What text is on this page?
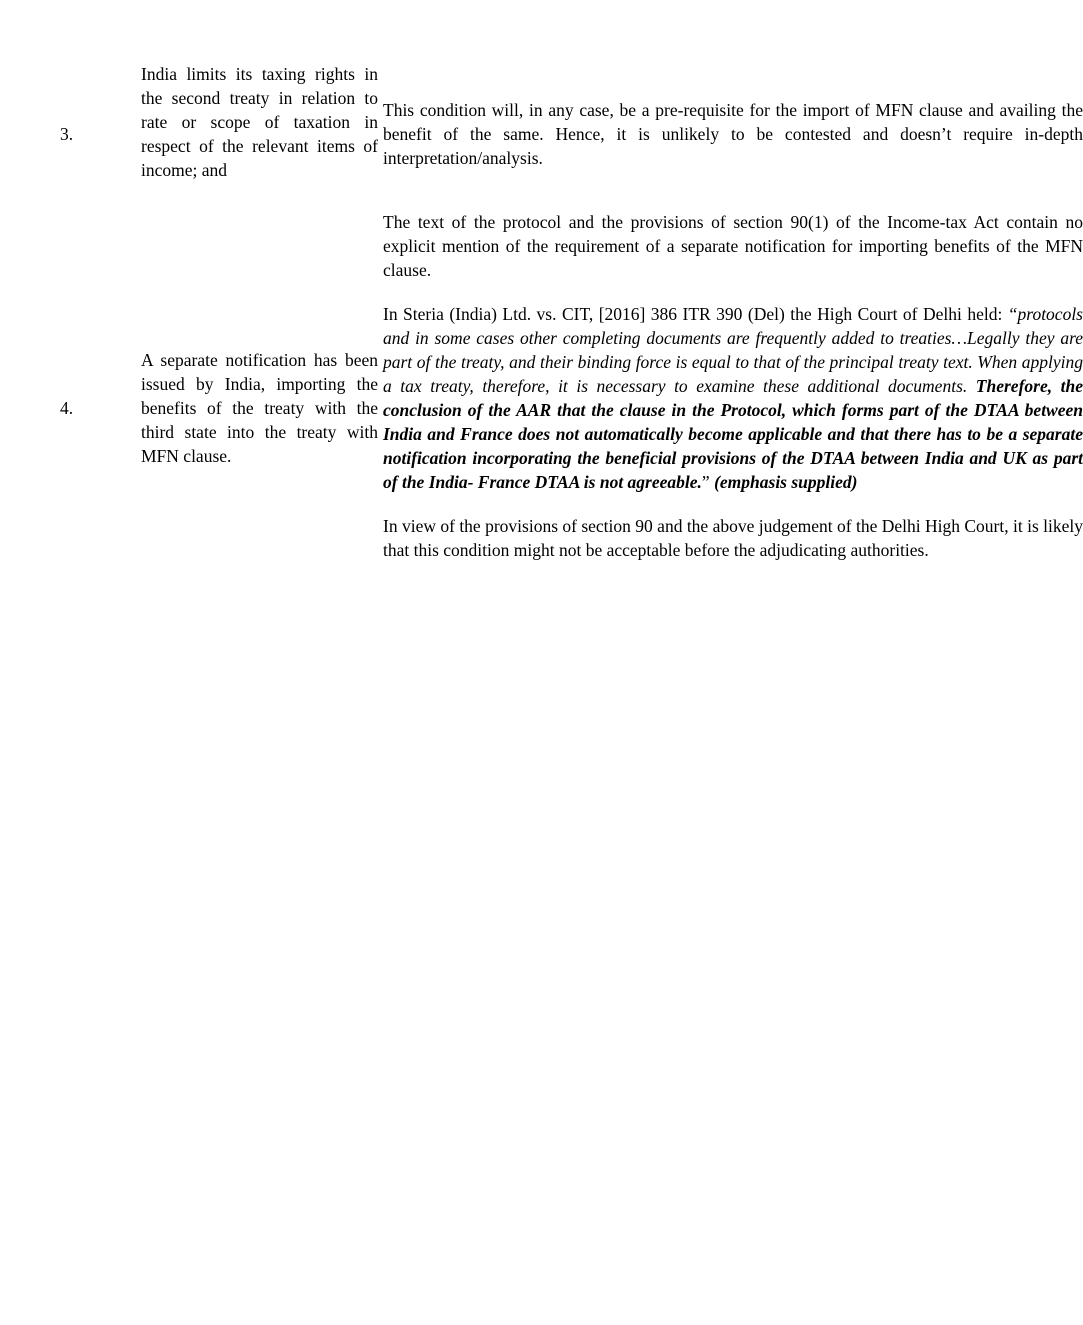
3.
India limits its taxing rights in the second treaty in relation to rate or scope of taxation in respect of the relevant items of income; and

This condition will, in any case, be a pre-requisite for the import of MFN clause and availing the benefit of the same. Hence, it is unlikely to be contested and doesn’t require in-depth interpretation/analysis.

4.
A separate notification has been issued by India, importing the benefits of the treaty with the third state into the treaty with MFN clause.

The text of the protocol and the provisions of section 90(1) of the Income-tax Act contain no explicit mention of the requirement of a separate notification for importing benefits of the MFN clause.

In Steria (India) Ltd. vs. CIT, [2016] 386 ITR 390 (Del) the High Court of Delhi held: “protocols and in some cases other completing documents are frequently added to treaties…Legally they are part of the treaty, and their binding force is equal to that of the principal treaty text. When applying a tax treaty, therefore, it is necessary to examine these additional documents. Therefore, the conclusion of the AAR that the clause in the Protocol, which forms part of the DTAA between India and France does not automatically become applicable and that there has to be a separate notification incorporating the beneficial provisions of the DTAA between India and UK as part of the India- France DTAA is not agreeable.” (emphasis supplied)

In view of the provisions of section 90 and the above judgement of the Delhi High Court, it is likely that this condition might not be acceptable before the adjudicating authorities.
